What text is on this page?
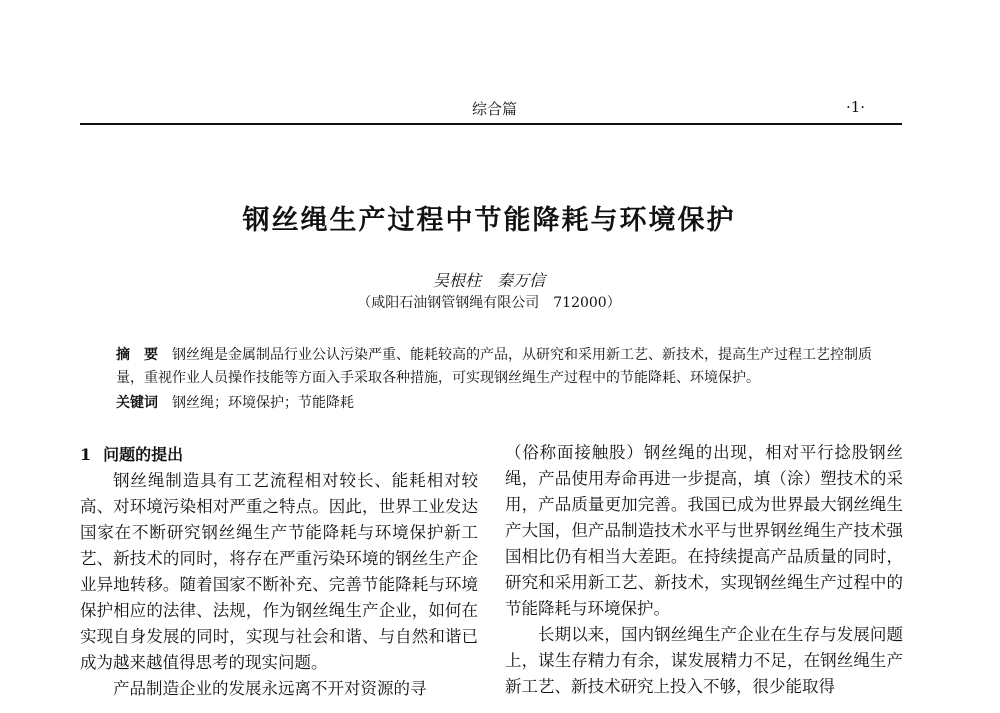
综合篇	·1·
钢丝绳生产过程中节能降耗与环境保护
吴根柱 秦万信
（咸阳石油钢管钢绳有限公司　712000）
摘　要 钢丝绳是金属制品行业公认污染严重、能耗较高的产品，从研究和采用新工艺、新技术，提高生产过程工艺控制质量，重视作业人员操作技能等方面入手采取各种措施，可实现钢丝绳生产过程中的节能降耗、环境保护。
关键词 钢丝绳；环境保护；节能降耗
1 问题的提出

钢丝绳制造具有工艺流程相对较长、能耗相对较高、对环境污染相对严重之特点。因此，世界工业发达国家在不断研究钢丝绳生产节能降耗与环境保护新工艺、新技术的同时，将存在严重污染环境的钢丝生产企业异地转移。随着国家不断补充、完善节能降耗与环境保护相应的法律、法规，作为钢丝绳生产企业，如何在实现自身发展的同时，实现与社会和谐、与自然和谐已成为越来越值得思考的现实问题。

产品制造企业的发展永远离不开对资源的寻

（俗称面接触股）钢丝绳的出现，相对平行捻股钢丝绳，产品使用寿命再进一步提高，填（涂）塑技术的采用，产品质量更加完善。我国已成为世界最大钢丝绳生产大国，但产品制造技术水平与世界钢丝绳生产技术强国相比仍有相当大差距。在持续提高产品质量的同时，研究和采用新工艺、新技术，实现钢丝绳生产过程中的节能降耗与环境保护。

长期以来，国内钢丝绳生产企业在生存与发展问题上，谋生存精力有余，谋发展精力不足，在钢丝绳生产新工艺、新技术研究上投入不够，很少能取得
